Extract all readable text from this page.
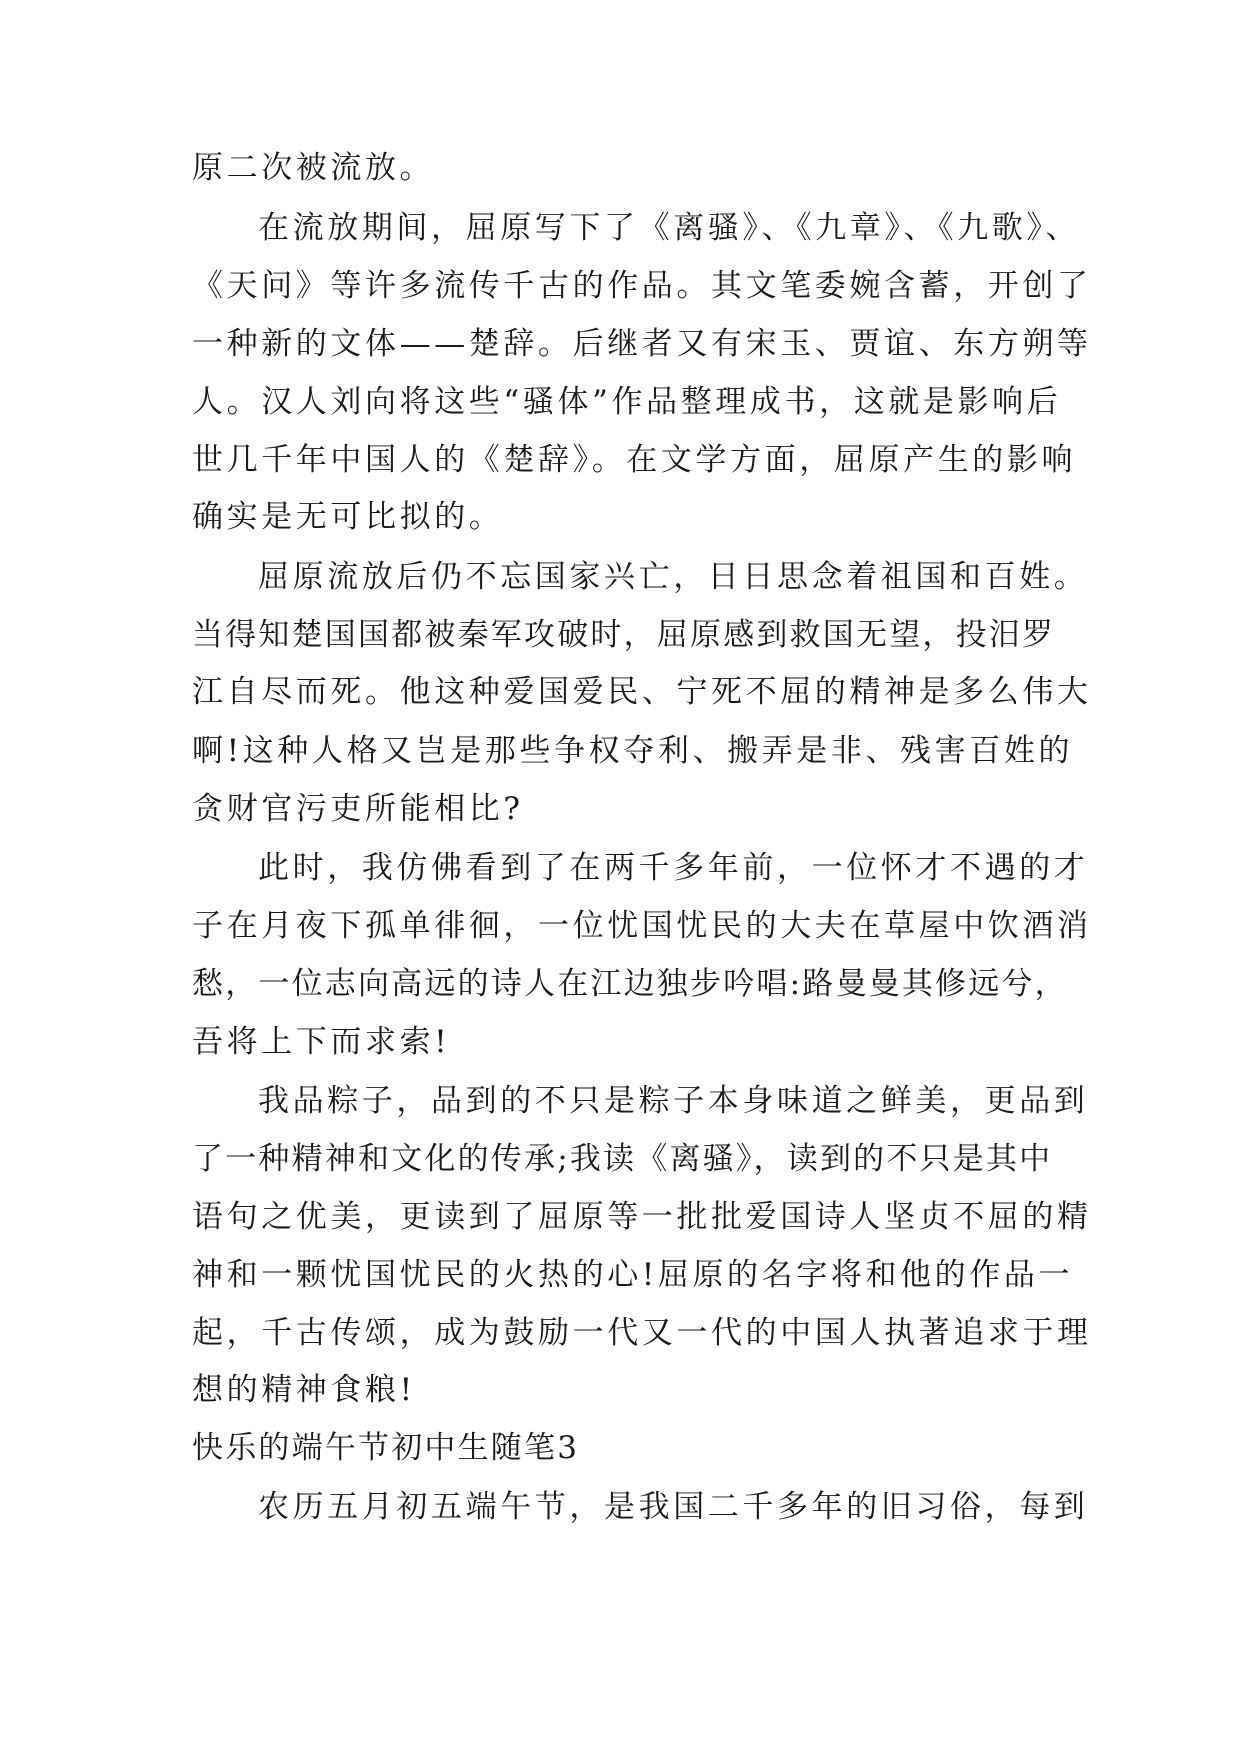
原二次被流放。
在流放期间，屈原写下了《离骚》、《九章》、《九歌》、
《天问》等许多流传千古的作品。其文笔委婉含蓄，开创了
一种新的文体——楚辞。后继者又有宋玉、贾谊、东方朔等
人。汉人刘向将这些“骚体”作品整理成书，这就是影响后
世几千年中国人的《楚辞》。在文学方面，屈原产生的影响
确实是无可比拟的。
屈原流放后仍不忘国家兴亡，日日思念着祖国和百姓。
当得知楚国国都被秦军攻破时，屈原感到救国无望，投汨罗
江自尽而死。他这种爱国爱民、宁死不屈的精神是多么伟大
啊!这种人格又岂是那些争权夺利、搬弄是非、残害百姓的
贪财官污吏所能相比?
此时，我仿佛看到了在两千多年前，一位怀才不遇的才
子在月夜下孤单徘徊，一位忧国忧民的大夫在草屋中饮酒消
愁，一位志向高远的诗人在江边独步吟唱:路曼曼其修远兮，
吾将上下而求索!
我品粽子，品到的不只是粽子本身味道之鲜美，更品到
了一种精神和文化的传承;我读《离骚》，读到的不只是其中
语句之优美，更读到了屈原等一批批爱国诗人坚贞不屈的精
神和一颗忧国忧民的火热的心!屈原的名字将和他的作品一
起，千古传颂，成为鼓励一代又一代的中国人执著追求于理
想的精神食粮!
快乐的端午节初中生随笔3
农历五月初五端午节，是我国二千多年的旧习俗，每到
